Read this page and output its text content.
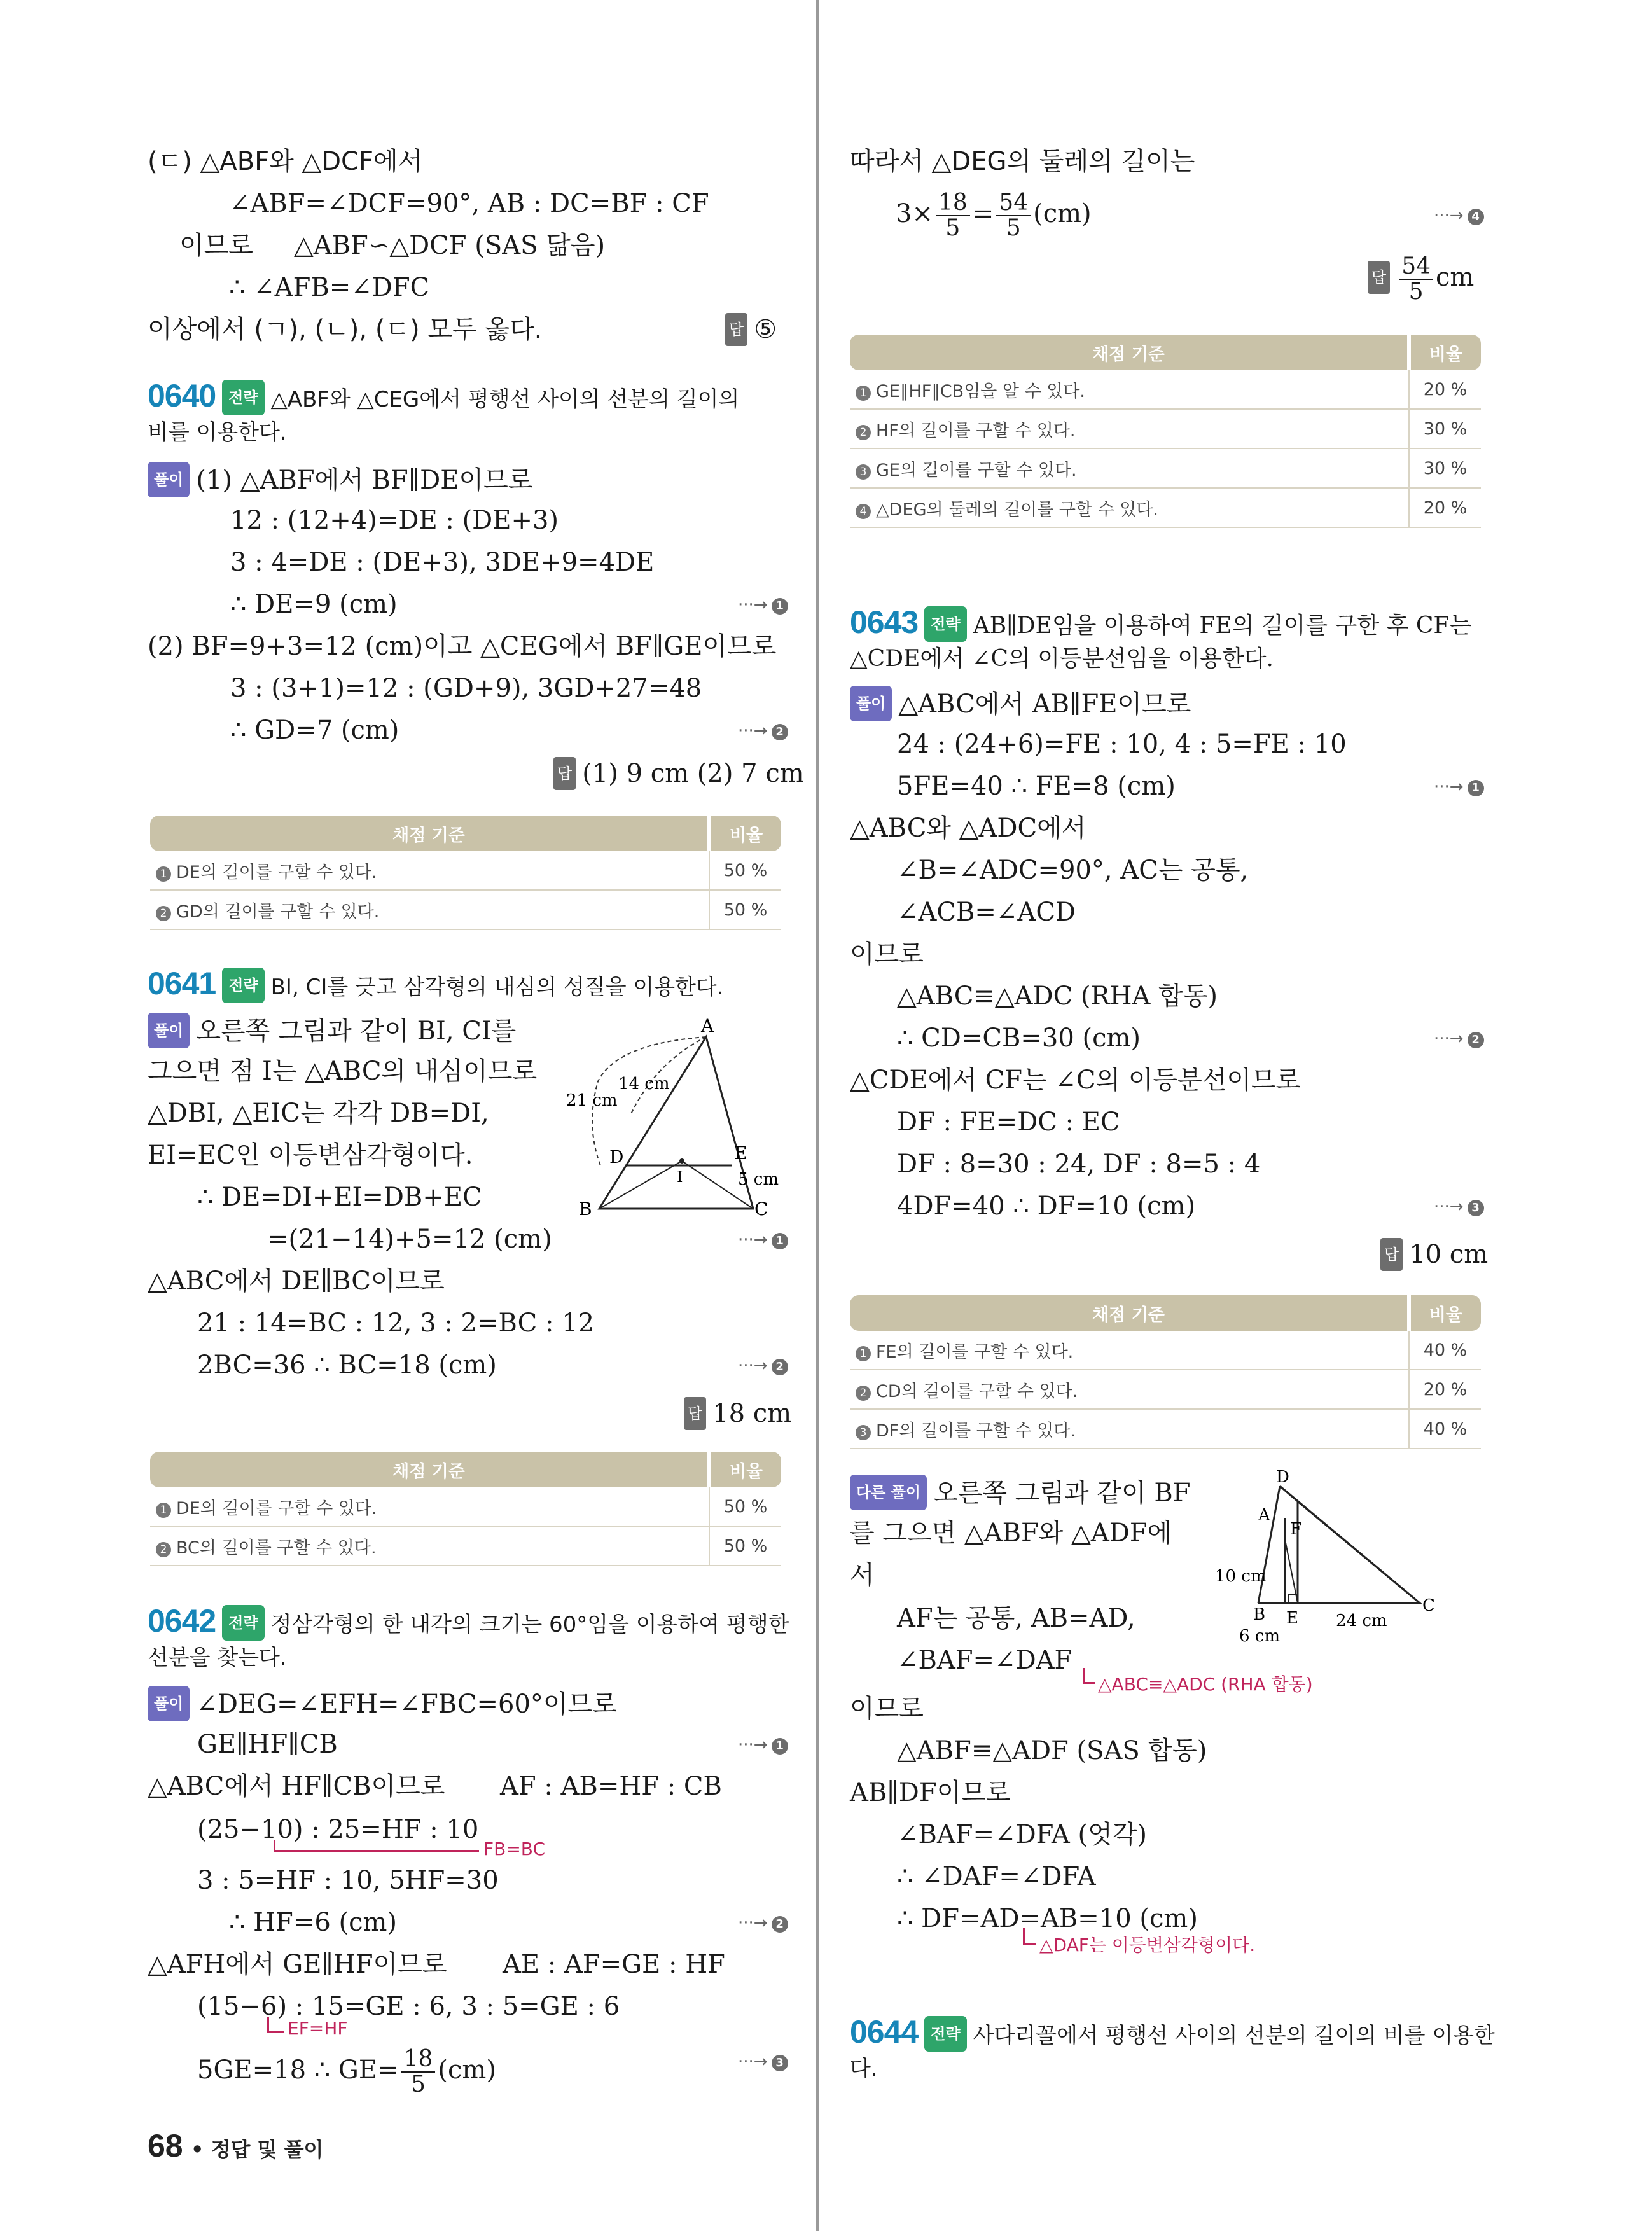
(ㄷ) △ABF와 △DCF에서
∠ABF=∠DCF=90°, AB : DC=BF : CF
이므로 △ABF∽△DCF (SAS 닮음)
∴ ∠AFB=∠DFC
이상에서 (ㄱ), (ㄴ), (ㄷ) 모두 옳다.	답 ⑤
0640 전략 △ABF와 △CEG에서 평행선 사이의 선분의 길이의
비를 이용한다.
풀이 (1) △ABF에서 BF∥DE이므로
12 : (12+4)=DE : (DE+3)
3 : 4=DE : (DE+3), 3DE+9=4DE
∴ DE=9 (cm)	···→ 1
(2) BF=9+3=12 (cm)이고 △CEG에서 BF∥GE이므로
3 : (3+1)=12 : (GD+9), 3GD+27=48
∴ GD=7 (cm)	···→ 2
답 (1) 9 cm (2) 7 cm
채점 기준	비율
1 DE의 길이를 구할 수 있다.	50 %
2 GD의 길이를 구할 수 있다.	50 %
0641 전략 BI, CI를 긋고 삼각형의 내심의 성질을 이용한다.
풀이 오른쪽 그림과 같이 BI, CI를
그으면 점 I는 △ABC의 내심이므로
△DBI, △EIC는 각각 DB=DI,
EI=EC인 이등변삼각형이다.
∴ DE=DI+EI=DB+EC
=(21−14)+5=12 (cm)	···→ 1
△ABC에서 DE∥BC이므로
21 : 14=BC : 12, 3 : 2=BC : 12
2BC=36 ∴ BC=18 (cm)	···→ 2
답 18 cm
A
B	C
D	E
I
21 cm
14 cm
5 cm
채점 기준	비율
1 DE의 길이를 구할 수 있다.	50 %
2 BC의 길이를 구할 수 있다.	50 %
0642 전략 정삼각형의 한 내각의 크기는 60°임을 이용하여 평행한
선분을 찾는다.
풀이 ∠DEG=∠EFH=∠FBC=60°이므로
GE∥HF∥CB	···→ 1
△ABC에서 HF∥CB이므로 AF : AB=HF : CB
(25−10) : 25=HF : 10
FB=BC
3 : 5=HF : 10, 5HF=30
∴ HF=6 (cm)	···→ 2
△AFH에서 GE∥HF이므로 AE : AF=GE : HF
(15−6) : 15=GE : 6, 3 : 5=GE : 6
EF=HF
5GE=18 ∴ $GE= \frac{18}{5} (cm)$	···→ 3
따라서 △DEG의 둘레의 길이는
$3\times \frac{18}{5} = \frac{54}{5} (cm)$	···→ 4
답 $\frac{54}{5}$ cm
채점 기준	비율
1 GE∥HF∥CB임을 알 수 있다.	20 %
2 HF의 길이를 구할 수 있다.	30 %
3 GE의 길이를 구할 수 있다.	30 %
4 △DEG의 둘레의 길이를 구할 수 있다.	20 %
0643 전략 AB∥DE임을 이용하여 FE의 길이를 구한 후 CF는
△CDE에서 ∠C의 이등분선임을 이용한다.
풀이 △ABC에서 AB∥FE이므로
24 : (24+6)=FE : 10, 4 : 5=FE : 10
5FE=40 ∴ FE=8 (cm)	···→ 1
△ABC와 △ADC에서
∠B=∠ADC=90°, AC는 공통,
∠ACB=∠ACD
이므로
△ABC≡△ADC (RHA 합동)
∴ CD=CB=30 (cm)	···→ 2
△CDE에서 CF는 ∠C의 이등분선이므로
DF : FE=DC : EC
DF : 8=30 : 24, DF : 8=5 : 4
4DF=40 ∴ DF=10 (cm)	···→ 3
답 10 cm
채점 기준	비율
1 FE의 길이를 구할 수 있다.	40 %
2 CD의 길이를 구할 수 있다.	20 %
3 DF의 길이를 구할 수 있다.	40 %
다른 풀이 오른쪽 그림과 같이 BF
를 그으면 △ABF와 △ADF에
서
AF는 공통, AB=AD,
∠BAF=∠DAF
△ABC≡△ADC (RHA 합동)
이므로
△ABF≡△ADF (SAS 합동)
AB∥DF이므로
∠BAF=∠DFA (엇각)
∴ ∠DAF=∠DFA
∴ DF=AD=AB=10 (cm)
△DAF는 이등변삼각형이다.
D
A
F
B E
C
10 cm
6 cm
24 cm
0644 전략 사다리꼴에서 평행선 사이의 선분의 길이의 비를 이용한
다.
68 • 정답 및 풀이
